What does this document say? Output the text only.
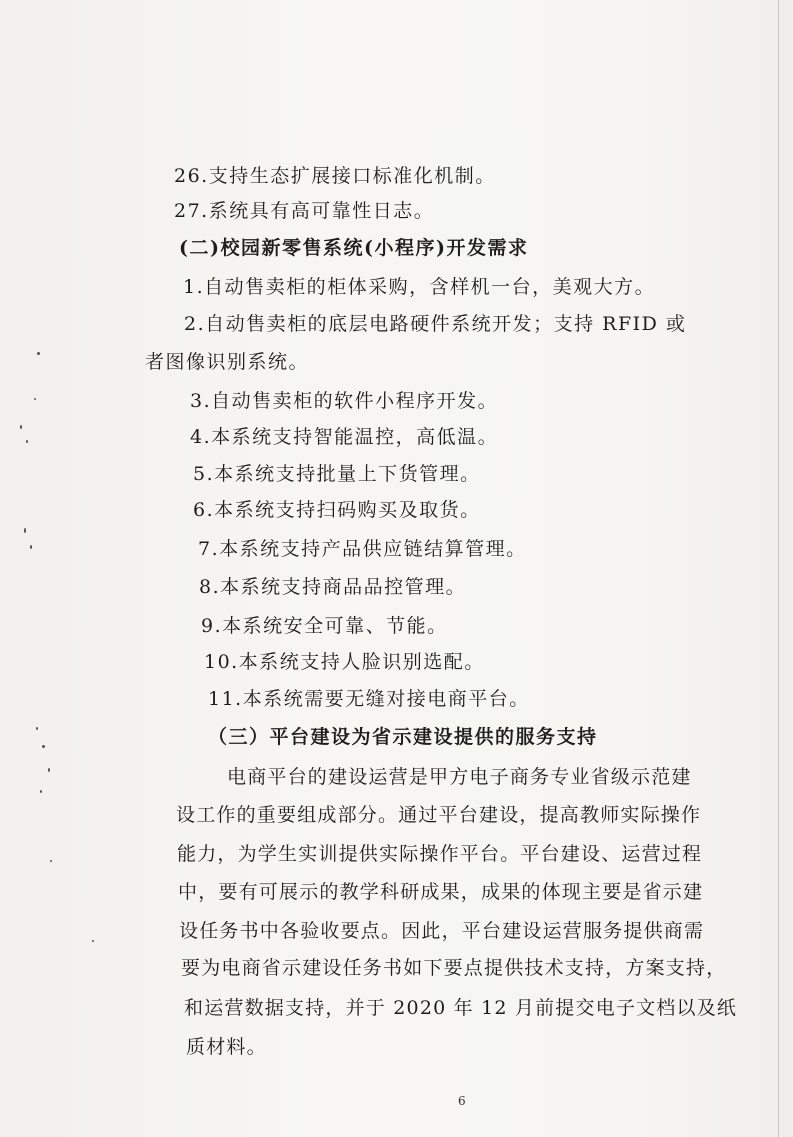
26.支持生态扩展接口标准化机制。
27.系统具有高可靠性日志。
(二)校园新零售系统(小程序)开发需求
1.自动售卖柜的柜体采购，含样机一台，美观大方。
2.自动售卖柜的底层电路硬件系统开发；支持 RFID 或
者图像识别系统。
3.自动售卖柜的软件小程序开发。
4.本系统支持智能温控，高低温。
5.本系统支持批量上下货管理。
6.本系统支持扫码购买及取货。
7.本系统支持产品供应链结算管理。
8.本系统支持商品品控管理。
9.本系统安全可靠、节能。
10.本系统支持人脸识别选配。
11.本系统需要无缝对接电商平台。
（三）平台建设为省示建设提供的服务支持
电商平台的建设运营是甲方电子商务专业省级示范建
设工作的重要组成部分。通过平台建设，提高教师实际操作
能力，为学生实训提供实际操作平台。平台建设、运营过程
中，要有可展示的教学科研成果，成果的体现主要是省示建
设任务书中各验收要点。因此，平台建设运营服务提供商需
要为电商省示建设任务书如下要点提供技术支持，方案支持，
和运营数据支持，并于 2020 年 12 月前提交电子文档以及纸
质材料。
6
